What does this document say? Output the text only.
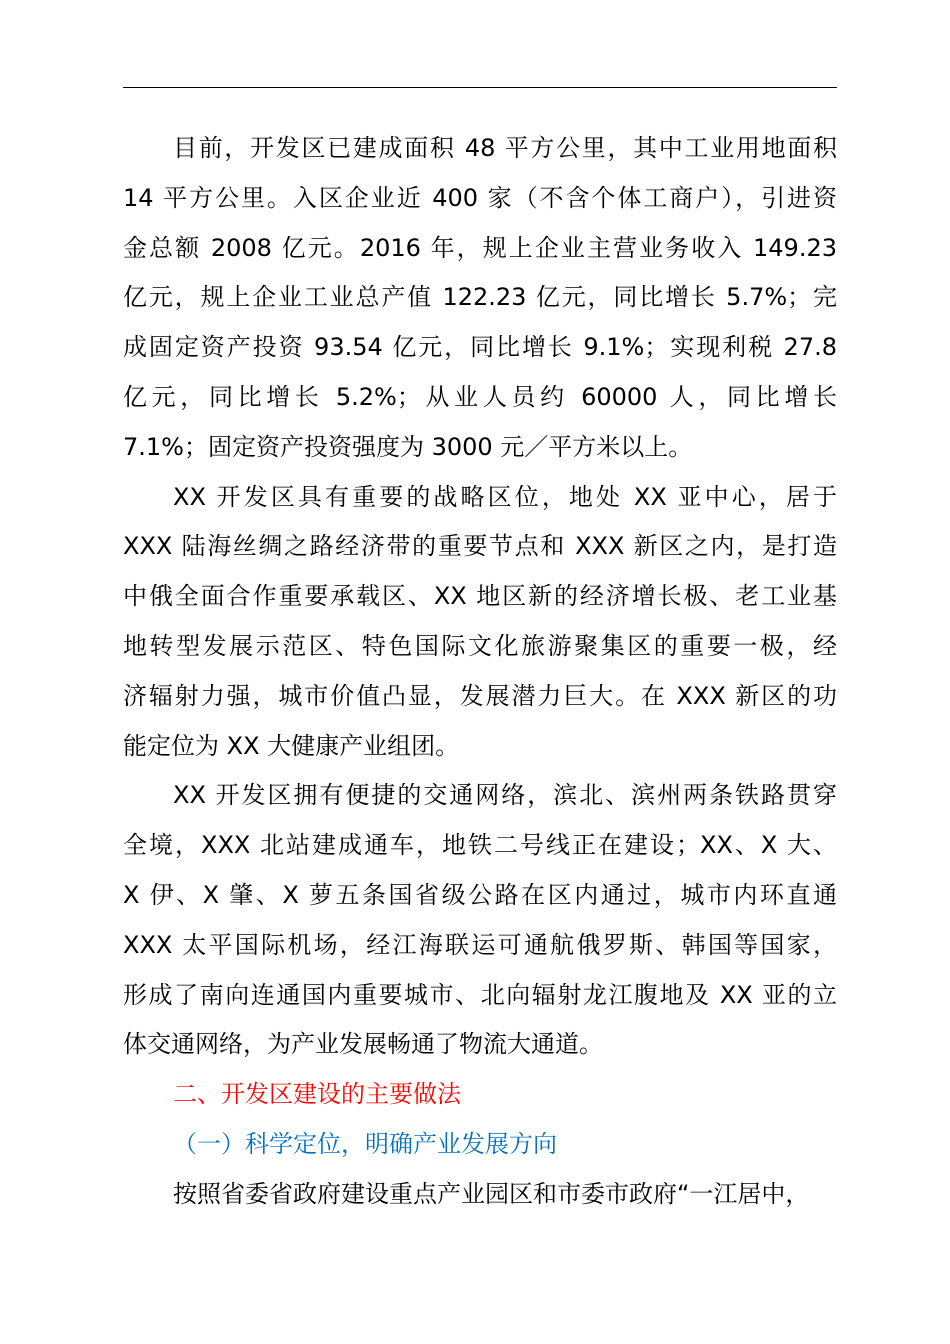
目前，开发区已建成面积 48 平方公里，其中工业用地面积
14 平方公里。入区企业近 400 家（不含个体工商户），引进资
金总额 2008 亿元。2016 年，规上企业主营业务收入 149.23
亿元，规上企业工业总产值 122.23 亿元，同比增长 5.7%；完
成固定资产投资 93.54 亿元，同比增长 9.1%；实现利税 27.8
亿元，同比增长 5.2%；从业人员约 60000 人，同比增长
7.1%；固定资产投资强度为 3000 元／平方米以上。
XX 开发区具有重要的战略区位，地处 XX 亚中心，居于
XXX 陆海丝绸之路经济带的重要节点和 XXX 新区之内，是打造
中俄全面合作重要承载区、XX 地区新的经济增长极、老工业基
地转型发展示范区、特色国际文化旅游聚集区的重要一极，经
济辐射力强，城市价值凸显，发展潜力巨大。在 XXX 新区的功
能定位为 XX 大健康产业组团。
XX 开发区拥有便捷的交通网络，滨北、滨州两条铁路贯穿
全境，XXX 北站建成通车，地铁二号线正在建设；XX、X 大、
X 伊、X 肇、X 萝五条国省级公路在区内通过，城市内环直通
XXX 太平国际机场，经江海联运可通航俄罗斯、韩国等国家，
形成了南向连通国内重要城市、北向辐射龙江腹地及 XX 亚的立
体交通网络，为产业发展畅通了物流大通道。
二、开发区建设的主要做法
（一）科学定位，明确产业发展方向
按照省委省政府建设重点产业园区和市委市政府“一江居中，
